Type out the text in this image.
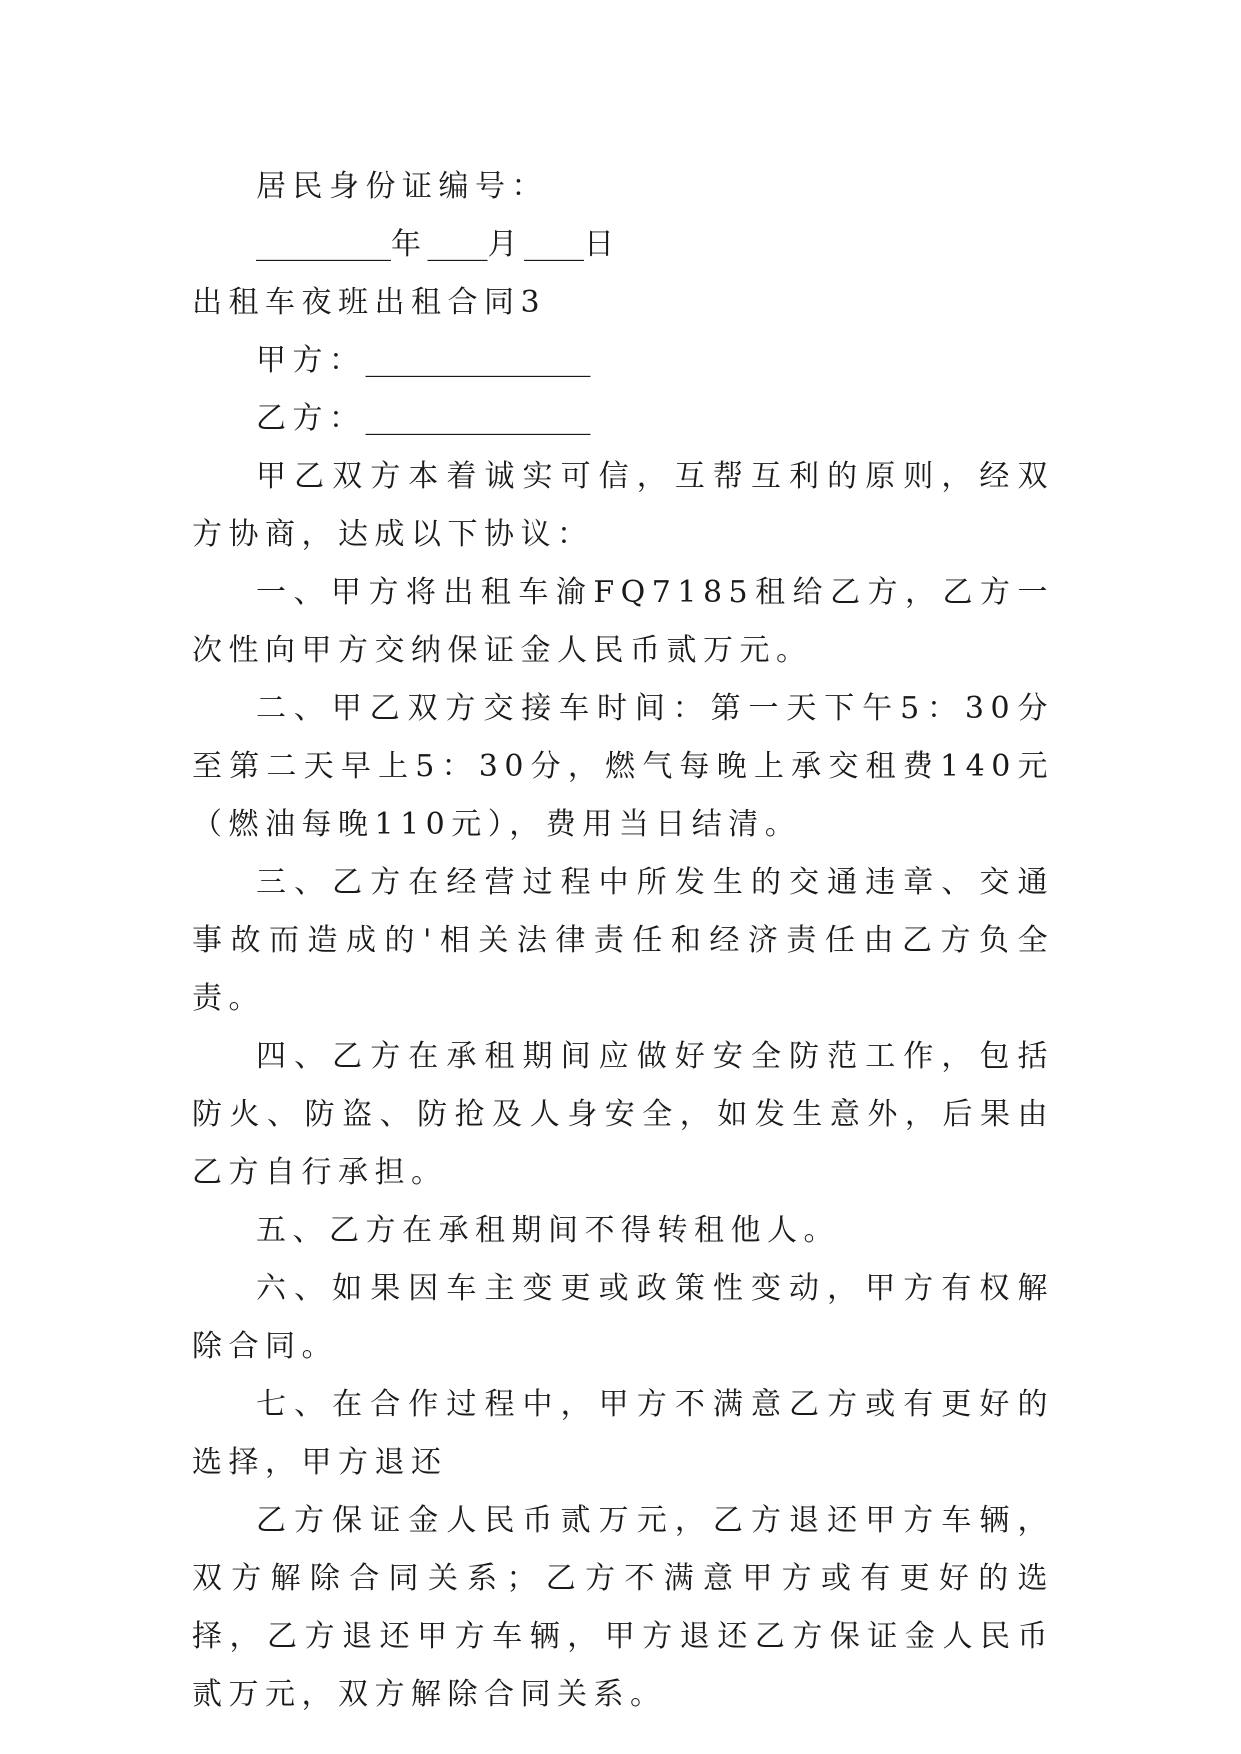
居民身份证编号：

_________年____月____日

出租车夜班出租合同3

甲方：_______________

乙方：_______________

甲乙双方本着诚实可信，互帮互利的原则，经双方协商，达成以下协议：

一、甲方将出租车渝FQ7185租给乙方，乙方一次性向甲方交纳保证金人民币贰万元。

二、甲乙双方交接车时间：第一天下午5：30分至第二天早上5：30分，燃气每晚上承交租费140元（燃油每晚110元），费用当日结清。

三、乙方在经营过程中所发生的交通违章、交通事故而造成的'相关法律责任和经济责任由乙方负全责。

四、乙方在承租期间应做好安全防范工作，包括防火、防盗、防抢及人身安全，如发生意外，后果由乙方自行承担。

五、乙方在承租期间不得转租他人。

六、如果因车主变更或政策性变动，甲方有权解除合同。

七、在合作过程中，甲方不满意乙方或有更好的选择，甲方退还

乙方保证金人民币贰万元，乙方退还甲方车辆，双方解除合同关系；乙方不满意甲方或有更好的选择，乙方退还甲方车辆，甲方退还乙方保证金人民币贰万元，双方解除合同关系。
